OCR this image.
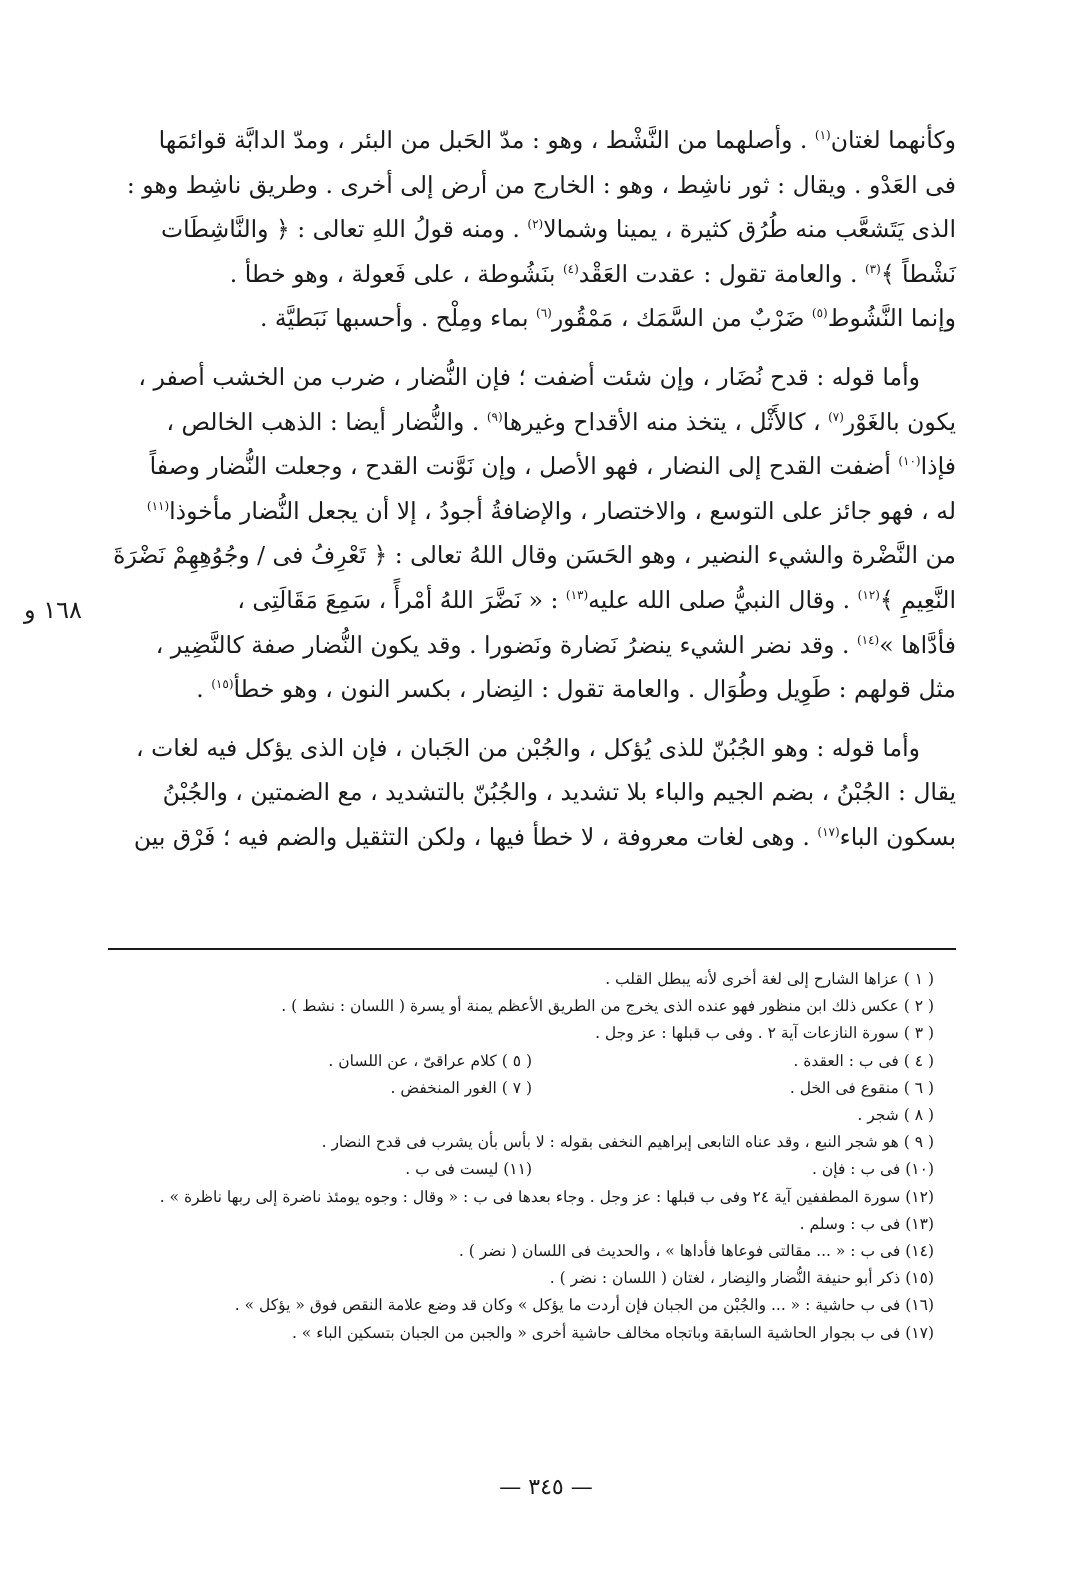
١٦٨ و

وكأنهما لغتان$^{(١)}$ . وأصلهما من النَّشْط ، وهو : مدّ الحَبل من البئر ، ومدّ الدابَّة قوائمَها

فى العَدْو . ويقال : ثور ناشِط ، وهو : الخارج من أرض إلى أخرى . وطريق ناشِط وهو :

الذى يَتَشعَّب منه طُرُق كثيرة ، يمينا وشمالا$^{(٢)}$ . ومنه قولُ اللهِ تعالى : ﴿ والنَّاشِطَات

نَشْطاً ﴾$^{(٣)}$ . والعامة تقول : عقدت العَقْد$^{(٤)}$ بنَشُوطة ، على فَعولة ، وهو خطأ .

وإنما النَّشُوط$^{(٥)}$ ضَرْبٌ من السَّمَك ، مَمْقُور$^{(٦)}$ بماء ومِلْح . وأحسبها نَبَطيَّة .

وأما قوله : قدح نُضَار ، وإن شئت أضفت ؛ فإن النُّضار ، ضرب من الخشب أصفر ،

يكون بالغَوْر$^{(٧)}$ ، كالأَثْل ، يتخذ منه الأقداح وغيرها$^{(٩)}$ . والنُّضار أيضا : الذهب الخالص ،

فإذا$^{(١٠)}$ أضفت القدح إلى النضار ، فهو الأصل ، وإن نَوَّنت القدح ، وجعلت النُّضار وصفاً

له ، فهو جائز على التوسع ، والاختصار ، والإضافةُ أجودُ ، إلا أن يجعل النُّضار مأخوذا$^{(١١)}$

من النَّضْرة والشيء النضير ، وهو الحَسَن وقال اللهُ تعالى : ﴿ تَعْرِفُ فى / وجُوُهِهِمْ نَضْرَةَ

النَّعِيمِ ﴾$^{(١٢)}$ . وقال النبيُّ صلى الله عليه$^{(١٣)}$ : « نَضَّرَ اللهُ أمْرأً ، سَمِعَ مَقَالَتِى ،

فأدَّاها »$^{(١٤)}$ . وقد نضر الشيء ينضرُ نَضارة ونَضورا . وقد يكون النُّضار صفة كالنَّضِير ،

مثل قولهم : طَوِيل وطُوَال . والعامة تقول : النِضار ، بكسر النون ، وهو خطأ$^{(١٥)}$ .

وأما قوله : وهو الجُبُنّ للذى يُؤكل ، والجُبْن من الجَبان ، فإن الذى يؤكل فيه لغات ،

يقال : الجُبْنُ ، بضم الجيم والباء بلا تشديد ، والجُبُنّ بالتشديد ، مع الضمتين ، والجُبْنُ

بسكون الباء$^{(١٧)}$ . وهى لغات معروفة ، لا خطأ فيها ، ولكن التثقيل والضم فيه ؛ فَرْق بين

( ١ ) عزاها الشارح إلى لغة أخرى لأنه يبطل القلب .
( ٢ ) عكس ذلك ابن منظور فهو عنده الذى يخرج من الطريق الأعظم يمنة أو يسرة ( اللسان : نشط ) .
( ٣ ) سورة النازعات آية ٢ . وفى ب قبلها : عز وجل .
( ٤ ) فى ب : العقدة .
( ٥ ) كلام عراقىّ ، عن اللسان .
( ٦ ) منقوع فى الخل .
( ٧ ) الغور المنخفض .
( ٨ ) شجر .
( ٩ ) هو شجر النبع ، وقد عناه التابعى إبراهيم النخفى بقوله : لا بأس بأن يشرب فى قدح النضار .
(١٠) فى ب : فإن .
(١١) ليست فى ب .
(١٢) سورة المطففين آية ٢٤ وفى ب قبلها : عز وجل . وجاء بعدها فى ب : « وقال : وجوه يومئذ ناضرة إلى ربها ناظرة » .
(١٣) فى ب : وسلم .
(١٤) فى ب : « ... مقالتى فوعاها فأداها » ، والحديث فى اللسان ( نضر ) .
(١٥) ذكر أبو حنيفة النُّضار والنِضار ، لغتان ( اللسان : نضر ) .
(١٦) فى ب حاشية : « ... والجُبْن من الجبان فإن أردت ما يؤكل » وكان قد وضع علامة النقص فوق « يؤكل » .
(١٧) فى ب بجوار الحاشية السابقة وباتجاه مخالف حاشية أخرى « والجبن من الجبان بتسكين الباء » .
— ٣٤٥ —
